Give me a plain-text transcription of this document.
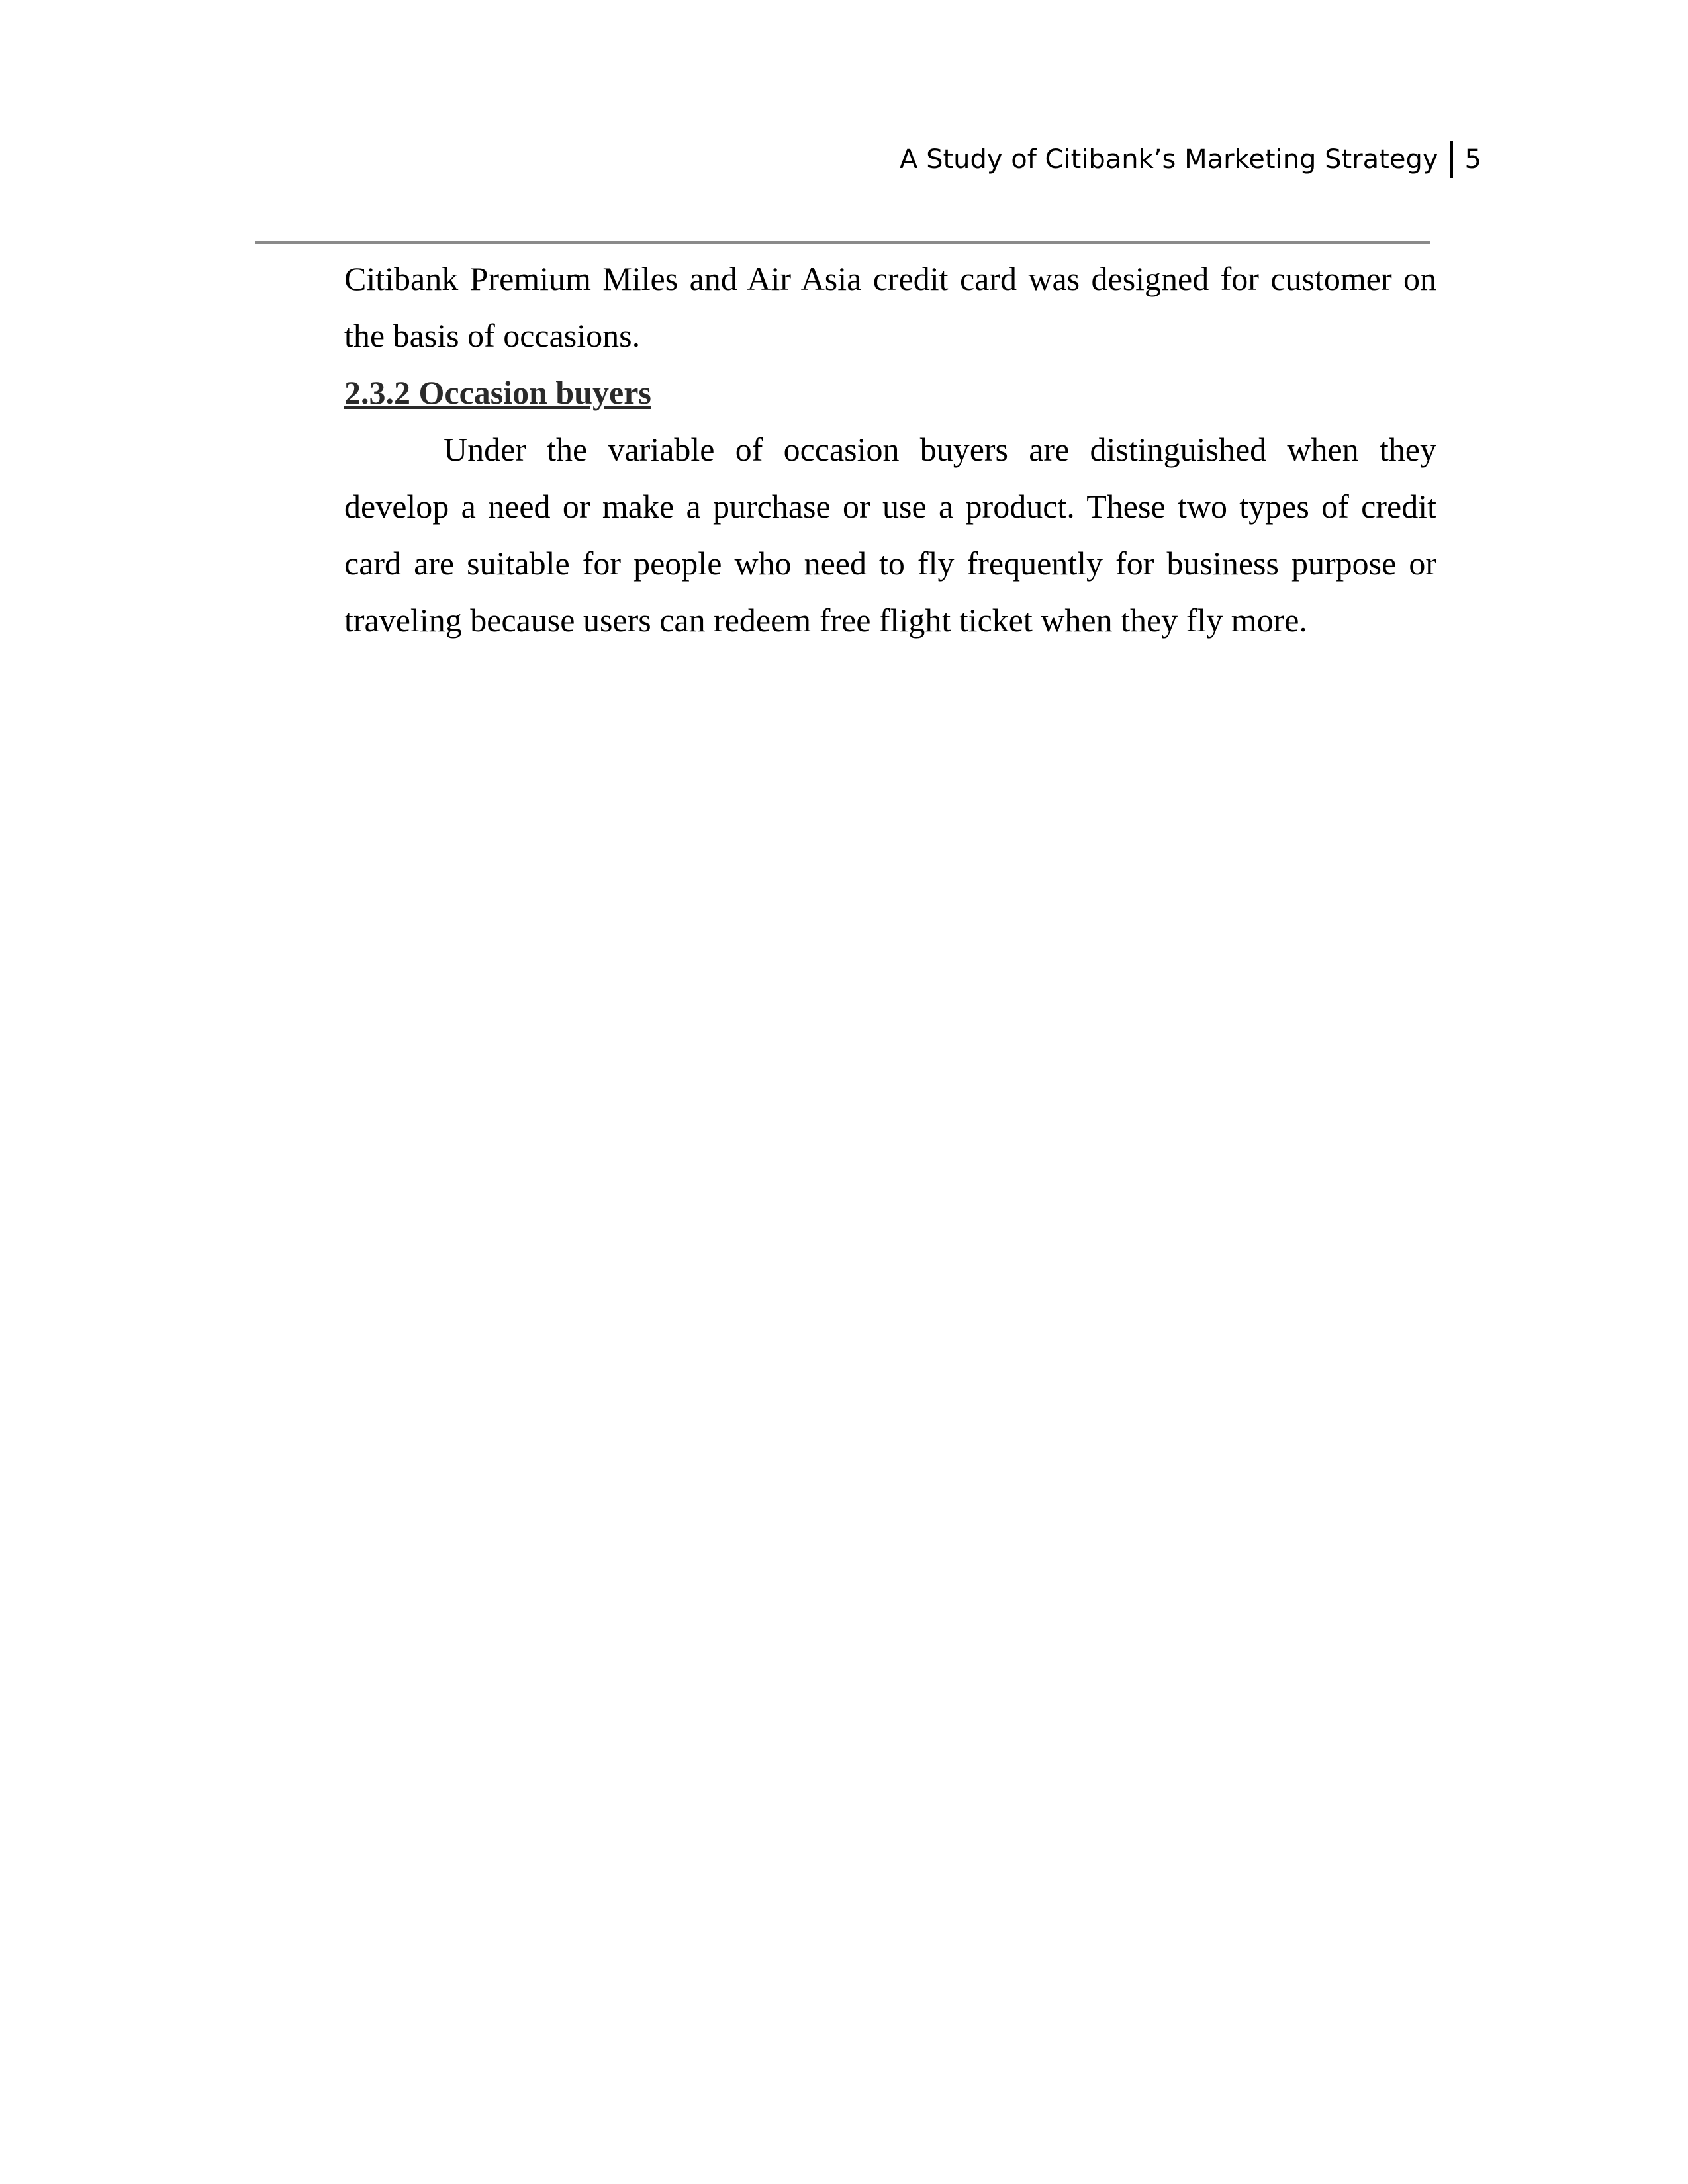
A Study of Citibank’s Marketing Strategy	5

Citibank Premium Miles and Air Asia credit card was designed for customer on the basis of occasions.

2.3.2 Occasion buyers

Under the variable of occasion buyers are distinguished when they develop a need or make a purchase or use a product. These two types of credit card are suitable for people who need to fly frequently for business purpose or traveling because users can redeem free flight ticket when they fly more.
